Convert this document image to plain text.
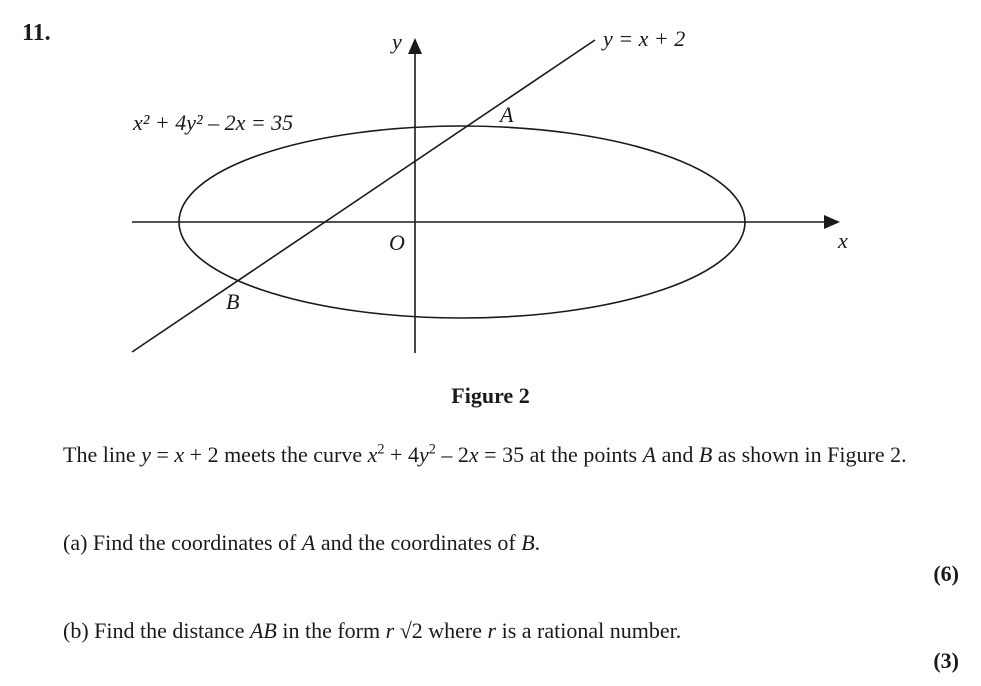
11.	y
x
O
y = x + 2
x² + 4y² – 2x = 35	A
B
Figure 2
The line y = x + 2 meets the curve $x^2 + 4y^2 - 2x = 35$ at the points A and B as shown in Figure 2.
(a) Find the coordinates of A and the coordinates of B.
(6)
(b) Find the distance AB in the form r √2 where r is a rational number.
(3)
